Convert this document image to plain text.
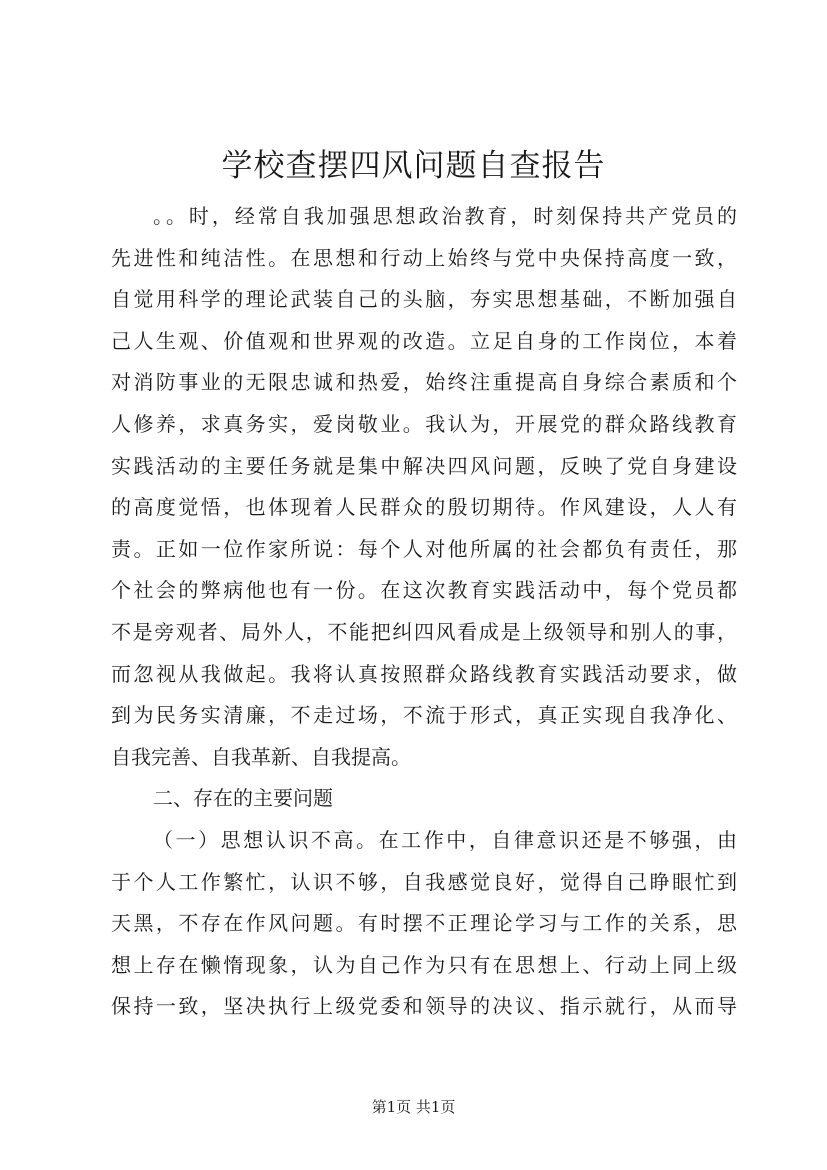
学校查摆四风问题自查报告
。。时，经常自我加强思想政治教育，时刻保持共产党员的
先进性和纯洁性。在思想和行动上始终与党中央保持高度一致，
自觉用科学的理论武装自己的头脑，夯实思想基础，不断加强自
己人生观、价值观和世界观的改造。立足自身的工作岗位，本着
对消防事业的无限忠诚和热爱，始终注重提高自身综合素质和个
人修养，求真务实，爱岗敬业。我认为，开展党的群众路线教育
实践活动的主要任务就是集中解决四风问题，反映了党自身建设
的高度觉悟，也体现着人民群众的殷切期待。作风建设，人人有
责。正如一位作家所说：每个人对他所属的社会都负有责任，那
个社会的弊病他也有一份。在这次教育实践活动中，每个党员都
不是旁观者、局外人，不能把纠四风看成是上级领导和别人的事，
而忽视从我做起。我将认真按照群众路线教育实践活动要求，做
到为民务实清廉，不走过场，不流于形式，真正实现自我净化、
自我完善、自我革新、自我提高。
二、存在的主要问题
（一）思想认识不高。在工作中，自律意识还是不够强，由
于个人工作繁忙，认识不够，自我感觉良好，觉得自己睁眼忙到
天黑，不存在作风问题。有时摆不正理论学习与工作的关系，思
想上存在懒惰现象，认为自己作为只有在思想上、行动上同上级
保持一致，坚决执行上级党委和领导的决议、指示就行，从而导
第1页 共1页
